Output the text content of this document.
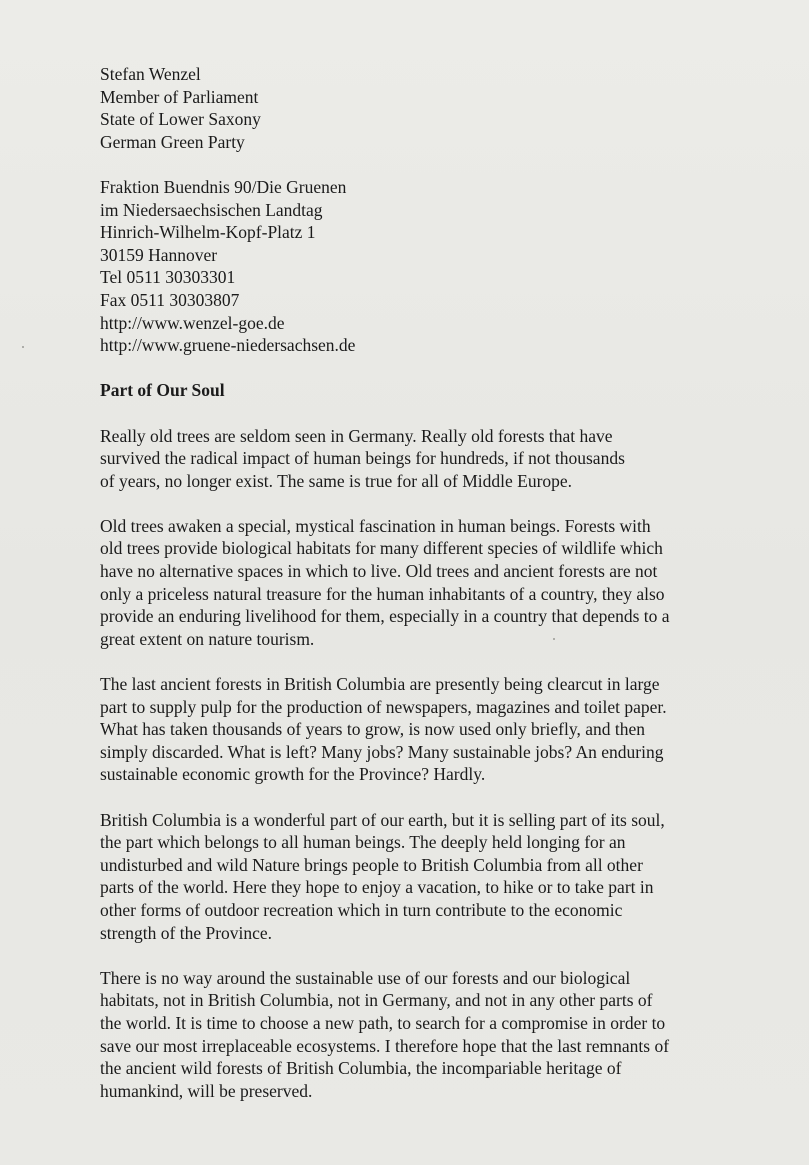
Stefan Wenzel
Member of Parliament
State of Lower Saxony
German Green Party
Fraktion Buendnis 90/Die Gruenen
im Niedersaechsischen Landtag
Hinrich-Wilhelm-Kopf-Platz 1
30159 Hannover
Tel 0511 30303301
Fax 0511 30303807
http://www.wenzel-goe.de
http://www.gruene-niedersachsen.de
Part of Our Soul
Really old trees are seldom seen in Germany. Really old forests that have
survived the radical impact of human beings for hundreds, if not thousands
of years, no longer exist. The same is true for all of Middle Europe.
Old trees awaken a special, mystical fascination in human beings. Forests with
old trees provide biological habitats for many different species of wildlife which
have no alternative spaces in which to live. Old trees and ancient forests are not
only a priceless natural treasure for the human inhabitants of a country, they also
provide an enduring livelihood for them, especially in a country that depends to a
great extent on nature tourism.
The last ancient forests in British Columbia are presently being clearcut in large
part to supply pulp for the production of newspapers, magazines and toilet paper.
What has taken thousands of years to grow, is now used only briefly, and then
simply discarded. What is left? Many jobs? Many sustainable jobs? An enduring
sustainable economic growth for the Province? Hardly.
British Columbia is a wonderful part of our earth, but it is selling part of its soul,
the part which belongs to all human beings. The deeply held longing for an
undisturbed and wild Nature brings people to British Columbia from all other
parts of the world. Here they hope to enjoy a vacation, to hike or to take part in
other forms of outdoor recreation which in turn contribute to the economic
strength of the Province.
There is no way around the sustainable use of our forests and our biological
habitats, not in British Columbia, not in Germany, and not in any other parts of
the world. It is time to choose a new path, to search for a compromise in order to
save our most irreplaceable ecosystems. I therefore hope that the last remnants of
the ancient wild forests of British Columbia, the incompariable heritage of
humankind, will be preserved.
